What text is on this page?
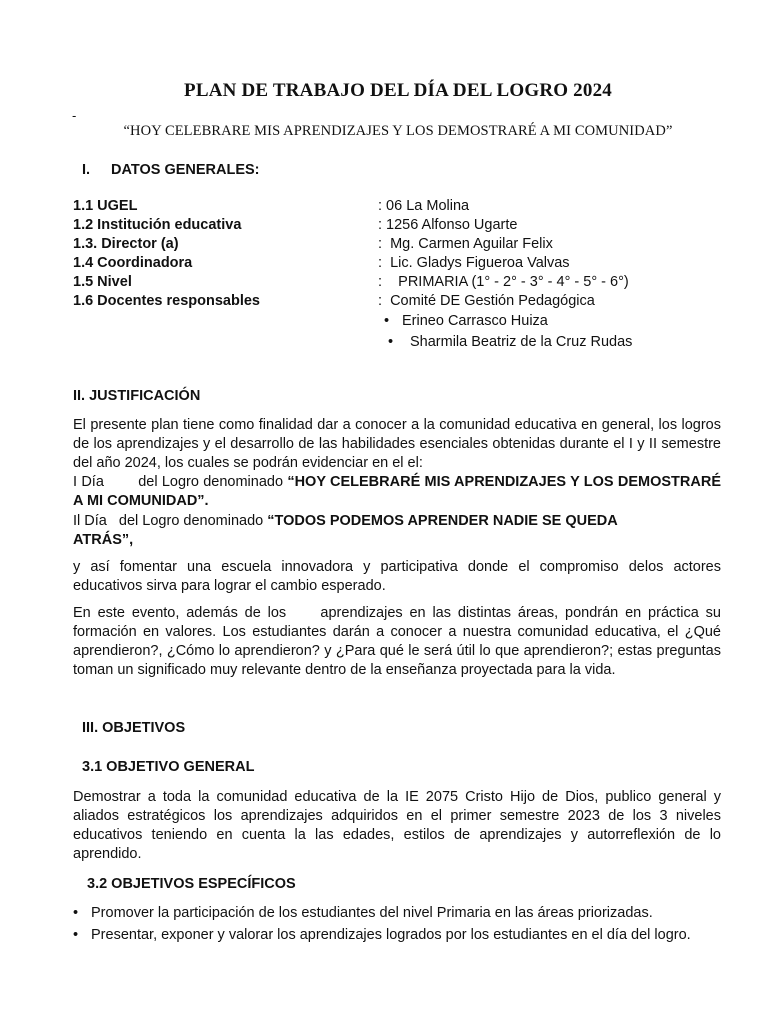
PLAN DE TRABAJO DEL DÍA DEL LOGRO 2024
-
“HOY CELEBRARE MIS APRENDIZAJES Y LOS DEMOSTRARÉ A MI COMUNIDAD”
I. DATOS GENERALES:
1.1 UGEL	: 06 La Molina
1.2 Institución educativa	: 1256 Alfonso Ugarte
1.3. Director (a)	:  Mg. Carmen Aguilar Felix
1.4 Coordinadora	:  Lic. Gladys Figueroa Valvas
1.5 Nivel	:    PRIMARIA (1° - 2° - 3° - 4° - 5° - 6°)
1.6 Docentes responsables	:  Comité DE Gestión Pedagógica
• Erineo Carrasco Huiza
• Sharmila Beatriz de la Cruz Rudas
II. JUSTIFICACIÓN
El presente plan tiene como finalidad dar a conocer a la comunidad educativa en general, los logros de los aprendizajes y el desarrollo de las habilidades esenciales obtenidas durante el I y II semestre del año 2024, los cuales se podrán evidenciar en el el:
I Día        del Logro denominado “HOY CELEBRARÉ MIS APRENDIZAJES Y LOS DEMOSTRARÉ A MI COMUNIDAD”.
Il Día   del Logro denominado “TODOS PODEMOS APRENDER NADIE SE QUEDA ATRÁS”,
y así fomentar una escuela innovadora y participativa donde el compromiso delos actores educativos sirva para lograr el cambio esperado.
En este evento, además de los     aprendizajes en las distintas áreas, pondrán en práctica su formación en valores. Los estudiantes darán a conocer a nuestra comunidad educativa, el ¿Qué aprendieron?, ¿Cómo lo aprendieron? y ¿Para qué le será útil lo que aprendieron?; estas preguntas toman un significado muy relevante dentro de la enseñanza proyectada para la vida.
III. OBJETIVOS
3.1 OBJETIVO GENERAL
Demostrar a toda la comunidad educativa de la IE 2075 Cristo Hijo de Dios, publico general y aliados estratégicos los aprendizajes adquiridos en el primer semestre 2023 de los 3 niveles educativos teniendo en cuenta la las edades, estilos de aprendizajes y autorreflexión de lo aprendido.
3.2 OBJETIVOS ESPECÍFICOS
• Promover la participación de los estudiantes del nivel Primaria en las áreas priorizadas.
• Presentar, exponer y valorar los aprendizajes logrados por los estudiantes en el día del logro.
